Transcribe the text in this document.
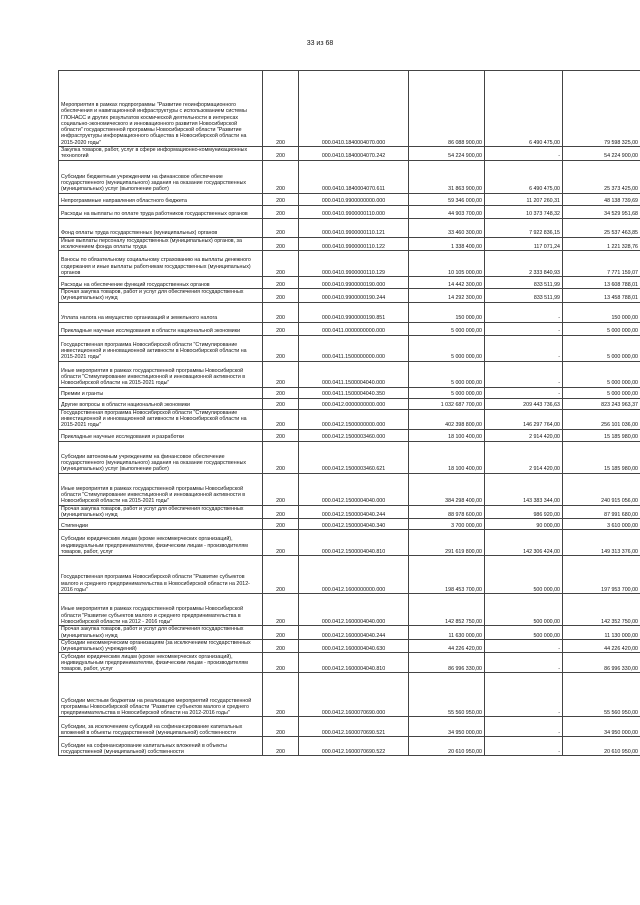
33 из 68
Мероприятия в рамках подпрограммы "Развитие геоинформационного обеспечения и навигационной инфраструктуры с использованием системы ГЛОНАСС и других результатов космической деятельности в интересах социально-экономического и инновационного развития Новосибирской области" государственной программы Новосибирской области "Развитие инфраструктуры информационного общества в Новосибирской области на 2015-2020 годы"	200	000.0410.1840004070.000	86 088 900,00	6 490 475,00	79 598 325,00
Закупка товаров, работ, услуг в сфере информационно-коммуникационных технологий	200	000.0410.1840004070.242	54 224 900,00	-	54 224 900,00
Субсидии бюджетным учреждениям на финансовое обеспечение государственного (муниципального) задания на оказание государственных (муниципальных) услуг (выполнение работ)	200	000.0410.1840004070.611	31 863 900,00	6 490 475,00	25 373 425,00
Непрограммные направления областного бюджета	200	000.0410.9900000000.000	59 346 000,00	11 207 260,31	48 138 739,69
Расходы на выплаты по оплате труда работников государственных органов	200	000.0410.9900000110.000	44 903 700,00	10 373 748,32	34 529 951,68
Фонд оплаты труда государственных (муниципальных) органов	200	000.0410.9900000110.121	33 460 300,00	7 922 836,15	25 537 463,85
Иные выплаты персоналу государственных (муниципальных) органов, за исключением фонда оплаты труда	200	000.0410.9900000110.122	1 338 400,00	117 071,24	1 221 328,76
Взносы по обязательному социальному страхованию на выплаты денежного содержания и иные выплаты работникам государственных (муниципальных) органов	200	000.0410.9900000110.129	10 105 000,00	2 333 840,93	7 771 159,07
Расходы на обеспечение функций государственных органов	200	000.0410.9900000190.000	14 442 300,00	833 511,99	13 608 788,01
Прочая закупка товаров, работ и услуг для обеспечения государственных (муниципальных) нужд	200	000.0410.9900000190.244	14 292 300,00	833 511,99	13 458 788,01
Уплата налога на имущество организаций и земельного налога	200	000.0410.9900000190.851	150 000,00	-	150 000,00
Прикладные научные исследования в области национальной экономики	200	000.0411.0000000000.000	5 000 000,00	-	5 000 000,00
Государственная программа Новосибирской области "Стимулирование инвестиционной и инновационной активности в Новосибирской области на 2015-2021 годы"	200	000.0411.1500000000.000	5 000 000,00	-	5 000 000,00
Иные мероприятия в рамках государственной программы Новосибирской области "Стимулирование инвестиционной и инновационной активности в Новосибирской области на 2015-2021 годы"	200	000.0411.1500004040.000	5 000 000,00	-	5 000 000,00
Премии и гранты	200	000.0411.1500004040.350	5 000 000,00	-	5 000 000,00
Другие вопросы в области национальной экономики	200	000.0412.0000000000.000	1 032 687 700,00	209 443 736,63	823 243 963,37
Государственная программа Новосибирской области "Стимулирование инвестиционной и инновационной активности в Новосибирской области на 2015-2021 годы"	200	000.0412.1500000000.000	402 398 800,00	146 297 764,00	256 101 036,00
Прикладные научные исследования и разработки	200	000.0412.1500003460.000	18 100 400,00	2 914 420,00	15 185 980,00
Субсидии автономным учреждениям на финансовое обеспечение государственного (муниципального) задания на оказание государственных (муниципальных) услуг (выполнение работ)	200	000.0412.1500003460.621	18 100 400,00	2 914 420,00	15 185 980,00
Иные мероприятия в рамках государственной программы Новосибирской области "Стимулирование инвестиционной и инновационной активности в Новосибирской области на 2015-2021 годы"	200	000.0412.1500004040.000	384 298 400,00	143 383 344,00	240 915 056,00
Прочая закупка товаров, работ и услуг для обеспечения государственных (муниципальных) нужд	200	000.0412.1500004040.244	88 978 600,00	986 920,00	87 991 680,00
Стипендии	200	000.0412.1500004040.340	3 700 000,00	90 000,00	3 610 000,00
Субсидии юридическим лицам (кроме некоммерческих организаций), индивидуальным предпринимателям, физическим лицам - производителям товаров, работ, услуг	200	000.0412.1500004040.810	291 619 800,00	142 306 424,00	149 313 376,00
Государственная программа Новосибирской области "Развитие субъектов малого и среднего предпринимательства в Новосибирской области на 2012-2016 годы"	200	000.0412.1600000000.000	198 453 700,00	500 000,00	197 953 700,00
Иные мероприятия в рамках государственной программы Новосибирской области "Развитие субъектов малого и среднего предпринимательства в Новосибирской области на 2012 - 2016 годы"	200	000.0412.1600004040.000	142 852 750,00	500 000,00	142 352 750,00
Прочая закупка товаров, работ и услуг для обеспечения государственных (муниципальных) нужд	200	000.0412.1600004040.244	11 630 000,00	500 000,00	11 130 000,00
Субсидии некоммерческим организациям (за исключением государственных (муниципальных) учреждений)	200	000.0412.1600004040.630	44 226 420,00	-	44 226 420,00
Субсидии юридическим лицам (кроме некоммерческих организаций), индивидуальным предпринимателям, физическим лицам - производителям товаров, работ, услуг	200	000.0412.1600004040.810	86 996 330,00	-	86 996 330,00
Субсидии местным бюджетам на реализацию мероприятий государственной программы Новосибирской области "Развитие субъектов малого и среднего предпринимательства в Новосибирской области на 2012-2016 годы"	200	000.0412.1600070690.000	55 560 950,00	-	55 560 950,00
Субсидии, за исключением субсидий на софинансирование капитальных вложений в объекты государственной (муниципальной) собственности	200	000.0412.1600070690.521	34 950 000,00	-	34 950 000,00
Субсидии на софинансирование капитальных вложений в объекты государственной (муниципальной) собственности	200	000.0412.1600070690.522	20 610 950,00	-	20 610 950,00
